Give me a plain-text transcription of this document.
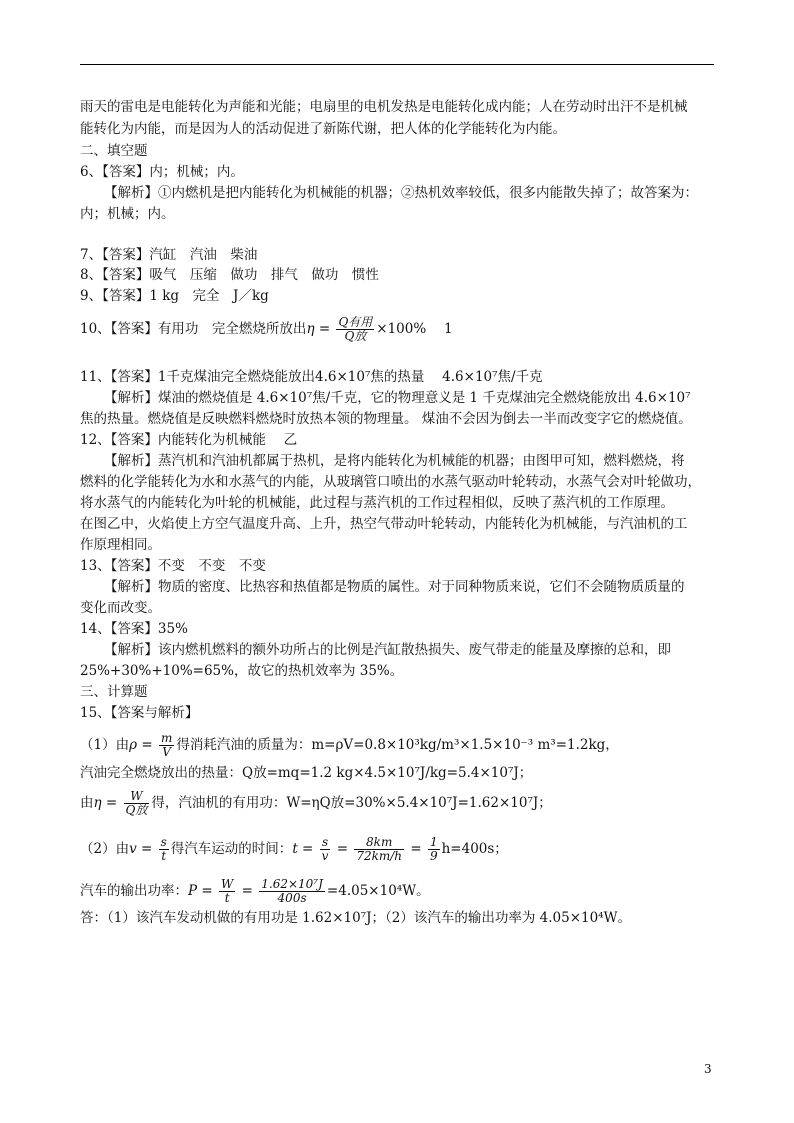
雨天的雷电是电能转化为声能和光能；电扇里的电机发热是电能转化成内能；人在劳动时出汗不是机械
能转化为内能，而是因为人的活动促进了新陈代谢，把人体的化学能转化为内能。
二、填空题
6、【答案】内；机械；内。
【解析】①内燃机是把内能转化为机械能的机器；②热机效率较低，很多内能散失掉了；故答案为：
内；机械；内。
7、【答案】汽缸　汽油　柴油
8、【答案】吸气　压缩　做功　排气　做功　惯性
9、【答案】1 kg　完全　J／kg
10、【答案】有用功　完全燃烧所放出$\eta = \frac{\text{Q有用}}{\text{Q放}} \times 100\%$　 1
11、【答案】1千克煤油完全燃烧能放出4.6×10⁷焦的热量　 4.6×10⁷焦/千克
【解析】煤油的燃烧值是 4.6×10⁷焦/千克，它的物理意义是 1 千克煤油完全燃烧能放出 4.6×10⁷
焦的热量。燃烧值是反映燃料燃烧时放热本领的物理量。 煤油不会因为倒去一半而改变字它的燃烧值。
12、【答案】内能转化为机械能　 乙
【解析】蒸汽机和汽油机都属于热机，是将内能转化为机械能的机器；由图甲可知，燃料燃烧，将
燃料的化学能转化为水和水蒸气的内能，从玻璃管口喷出的水蒸气驱动叶轮转动，水蒸气会对叶轮做功，
将水蒸气的内能转化为叶轮的机械能，此过程与蒸汽机的工作过程相似，反映了蒸汽机的工作原理。
在图乙中，火焰使上方空气温度升高、上升，热空气带动叶轮转动，内能转化为机械能，与汽油机的工
作原理相同。
13、【答案】不变　不变　不变
【解析】物质的密度、比热容和热值都是物质的属性。对于同种物质来说，它们不会随物质质量的
变化而改变。
14、【答案】35%
【解析】该内燃机燃料的额外功所占的比例是汽缸散热损失、废气带走的能量及摩擦的总和，即
25%+30%+10%=65%，故它的热机效率为 35%。
三、计算题
15、【答案与解析】
（1）由$\rho = \frac{m}{V}$ 得消耗汽油的质量为：m=ρV=0.8×10³kg/m³×1.5×10⁻³ m³=1.2kg，
汽油完全燃烧放出的热量：Q放=mq=1.2 kg×4.5×10⁷J/kg=5.4×10⁷J；
由$\eta = \frac{W}{\text{Q放}}$ 得，汽油机的有用功：W=ηQ放=30%×5.4×10⁷J=1.62×10⁷J；
（2）由$v = \frac{s}{t}$ 得汽车运动的时间：$t = \frac{s}{v} = \frac{8km}{72km/h} = \frac{1}{9} h=400s$；
汽车的输出功率：$P = \frac{W}{t} = \frac{\text{1.62×10⁷J}}{400s} =4.05\times 10^4W$。
答：（1）该汽车发动机做的有用功是 1.62×10⁷J；（2）该汽车的输出功率为 4.05×10⁴W。
3
